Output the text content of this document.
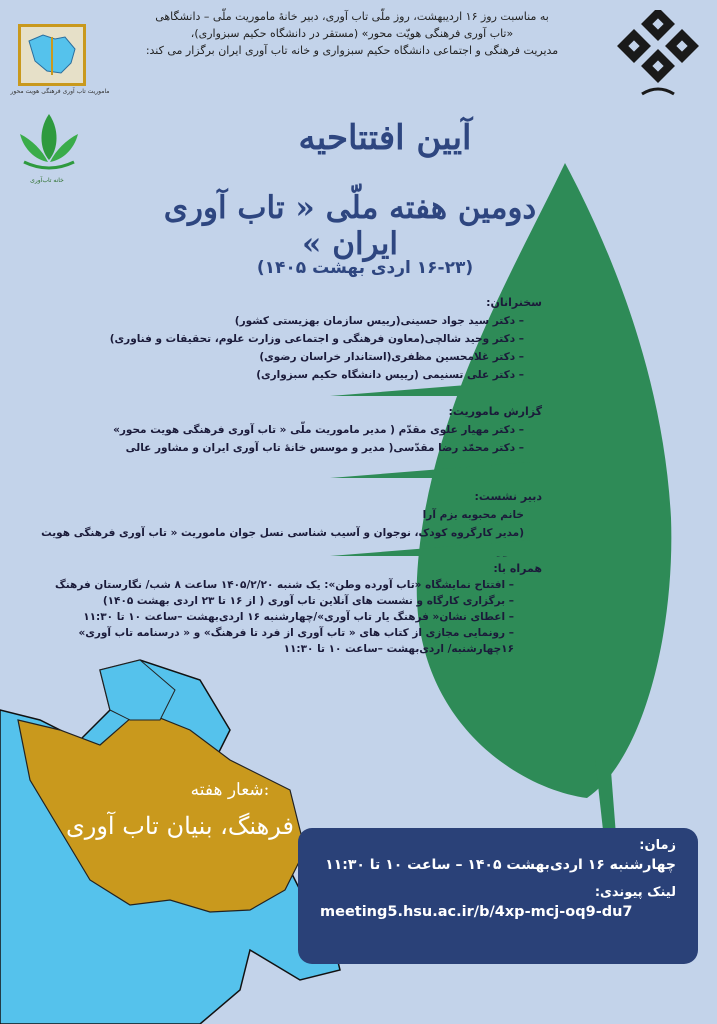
ماموریت تاب آوری فرهنگی هویت محور
خانه تاب‌آوری
به مناسبت روز ۱۶ اردیبهشت، روز ملّی تاب آوری، دبیر خانهٔ ماموریت ملّی – دانشگاهی
«تاب آوری فرهنگی هویّت محور» (مستقر در دانشگاه حکیم سبزواری)،
مدیریت فرهنگی و اجتماعی دانشگاه حکیم سبزواری و خانه تاب آوری ایران برگزار می کند:
آیین افتتاحیه
دومین هفته ملّی « تاب آوری ایران »
(۱۶-۲۳ اردی بهشت ۱۴۰۵)
سخنرانان:
– دکتر سید جواد حسینی(رییس سازمان بهزیستی کشور)
– دکتر وحید شالچی(معاون فرهنگی و اجتماعی وزارت علوم، تحقیقات و فناوری)
– دکتر غلامحسین مظفری(استاندار خراسان رضوی)
– دکتر علی تسنیمی (رییس دانشگاه حکیم سبزواری)
گزارش ماموریت:
– دکتر مهیار علوی مقدّم ( مدیر ماموریت ملّی « تاب آوری فرهنگی هویت محور»
– دکتر محمّد رضا مقدّسی( مدیر و موسس خانهٔ تاب آوری ایران و مشاور عالی
دبیر نشست:
خانم محبوبه بزم آرا
(مدیر کارگروه کودک، نوجوان و آسیب شناسی نسل جوان ماموریت « تاب آوری فرهنگی هویت
همراه با:
– افتتاح نمایشگاه «تاب آورده وطن»: یک شنبه ۱۴۰۵/۲/۲۰ ساعت ۸ شب/ نگارستان فرهنگ
– برگزاری کارگاه و نشست های آنلاین تاب آوری ( از ۱۶ تا ۲۳ اردی بهشت ۱۴۰۵)
– اعطای نشان« فرهنگ یار تاب آوری»/چهارشنبه ۱۶ اردی‌بهشت –ساعت ۱۰ تا ۱۱:۳۰
– رونمایی مجازی از کتاب های « تاب آوری از فرد تا فرهنگ» و « درسنامه تاب آوری»
۱۶چهارشنبه/ اردی‌بهشت –ساعت ۱۰ تا ۱۱:۳۰
شعار هفته:
فرهنگ، بنیان تاب آوری
زمان:
چهارشنبه ۱۶ اردی‌بهشت ۱۴۰۵ – ساعت ۱۰ تا ۱۱:۳۰
لینک پیوندی:
meeting5.hsu.ac.ir/b/4xp-mcj-oq9-du7
